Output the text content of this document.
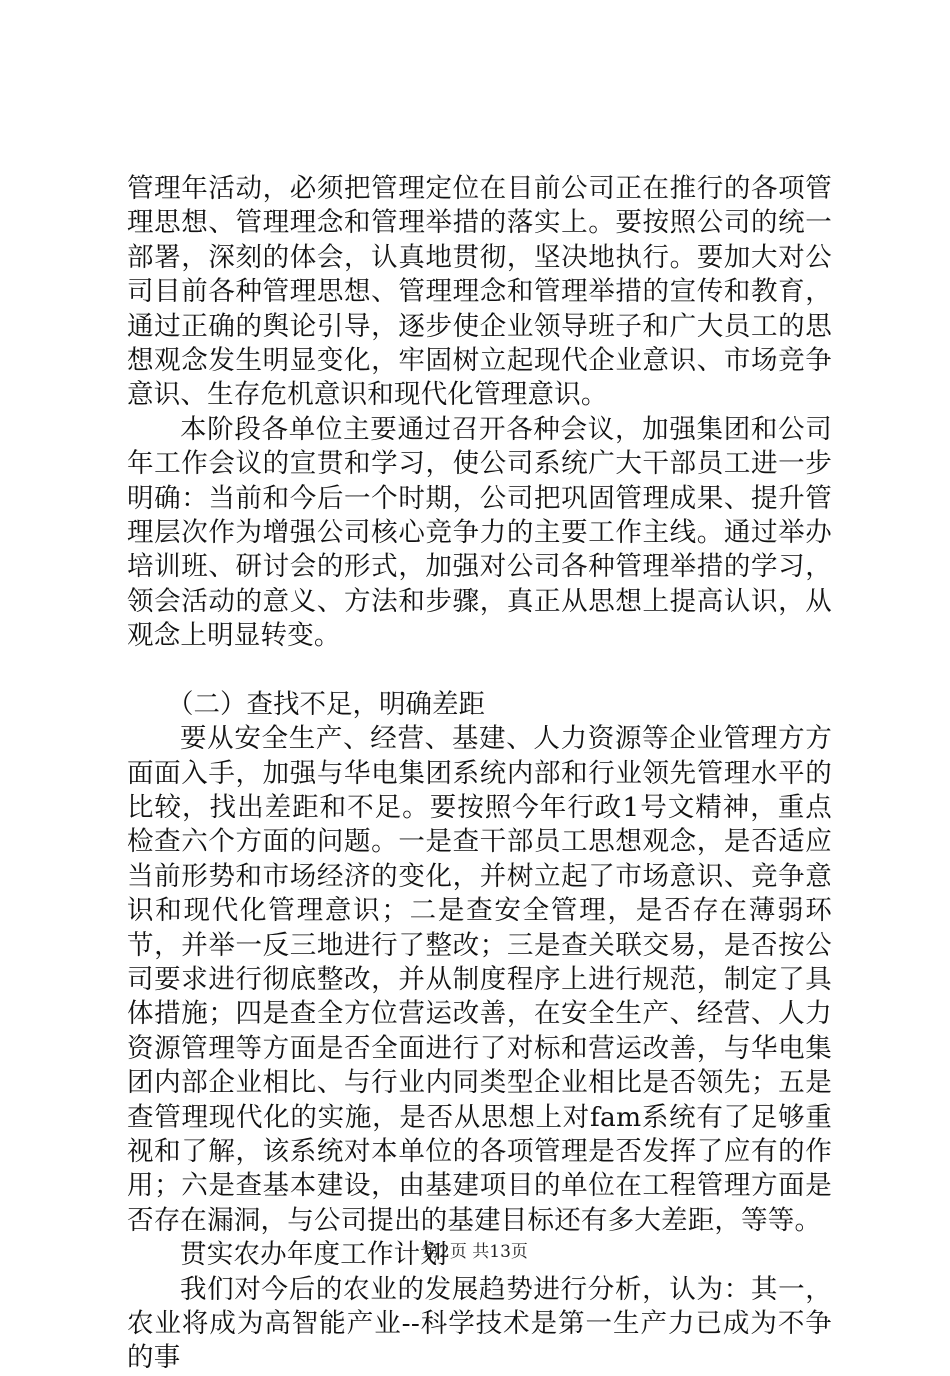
管理年活动，必须把管理定位在目前公司正在推行的各项管理思想、管理理念和管理举措的落实上。要按照公司的统一部署，深刻的体会，认真地贯彻，坚决地执行。要加大对公司目前各种管理思想、管理理念和管理举措的宣传和教育，通过正确的舆论引导，逐步使企业领导班子和广大员工的思想观念发生明显变化，牢固树立起现代企业意识、市场竞争意识、生存危机意识和现代化管理意识。

本阶段各单位主要通过召开各种会议，加强集团和公司年工作会议的宣贯和学习，使公司系统广大干部员工进一步明确：当前和今后一个时期，公司把巩固管理成果、提升管理层次作为增强公司核心竞争力的主要工作主线。通过举办培训班、研讨会的形式，加强对公司各种管理举措的学习，领会活动的意义、方法和步骤，真正从思想上提高认识，从观念上明显转变。

（二）查找不足，明确差距

要从安全生产、经营、基建、人力资源等企业管理方方面面入手，加强与华电集团系统内部和行业领先管理水平的比较，找出差距和不足。要按照今年行政1号文精神，重点检查六个方面的问题。一是查干部员工思想观念，是否适应当前形势和市场经济的变化，并树立起了市场意识、竞争意识和现代化管理意识；二是查安全管理，是否存在薄弱环节，并举一反三地进行了整改；三是查关联交易，是否按公司要求进行彻底整改，并从制度程序上进行规范，制定了具体措施；四是查全方位营运改善，在安全生产、经营、人力资源管理等方面是否全面进行了对标和营运改善，与华电集团内部企业相比、与行业内同类型企业相比是否领先；五是查管理现代化的实施，是否从思想上对fam系统有了足够重视和了解，该系统对本单位的各项管理是否发挥了应有的作用；六是查基本建设，由基建项目的单位在工程管理方面是否存在漏洞，与公司提出的基建目标还有多大差距，等等。

贯实农办年度工作计划

我们对今后的农业的发展趋势进行分析，认为：其一，农业将成为高智能产业--科学技术是第一生产力已成为不争的事

第2页 共13页
